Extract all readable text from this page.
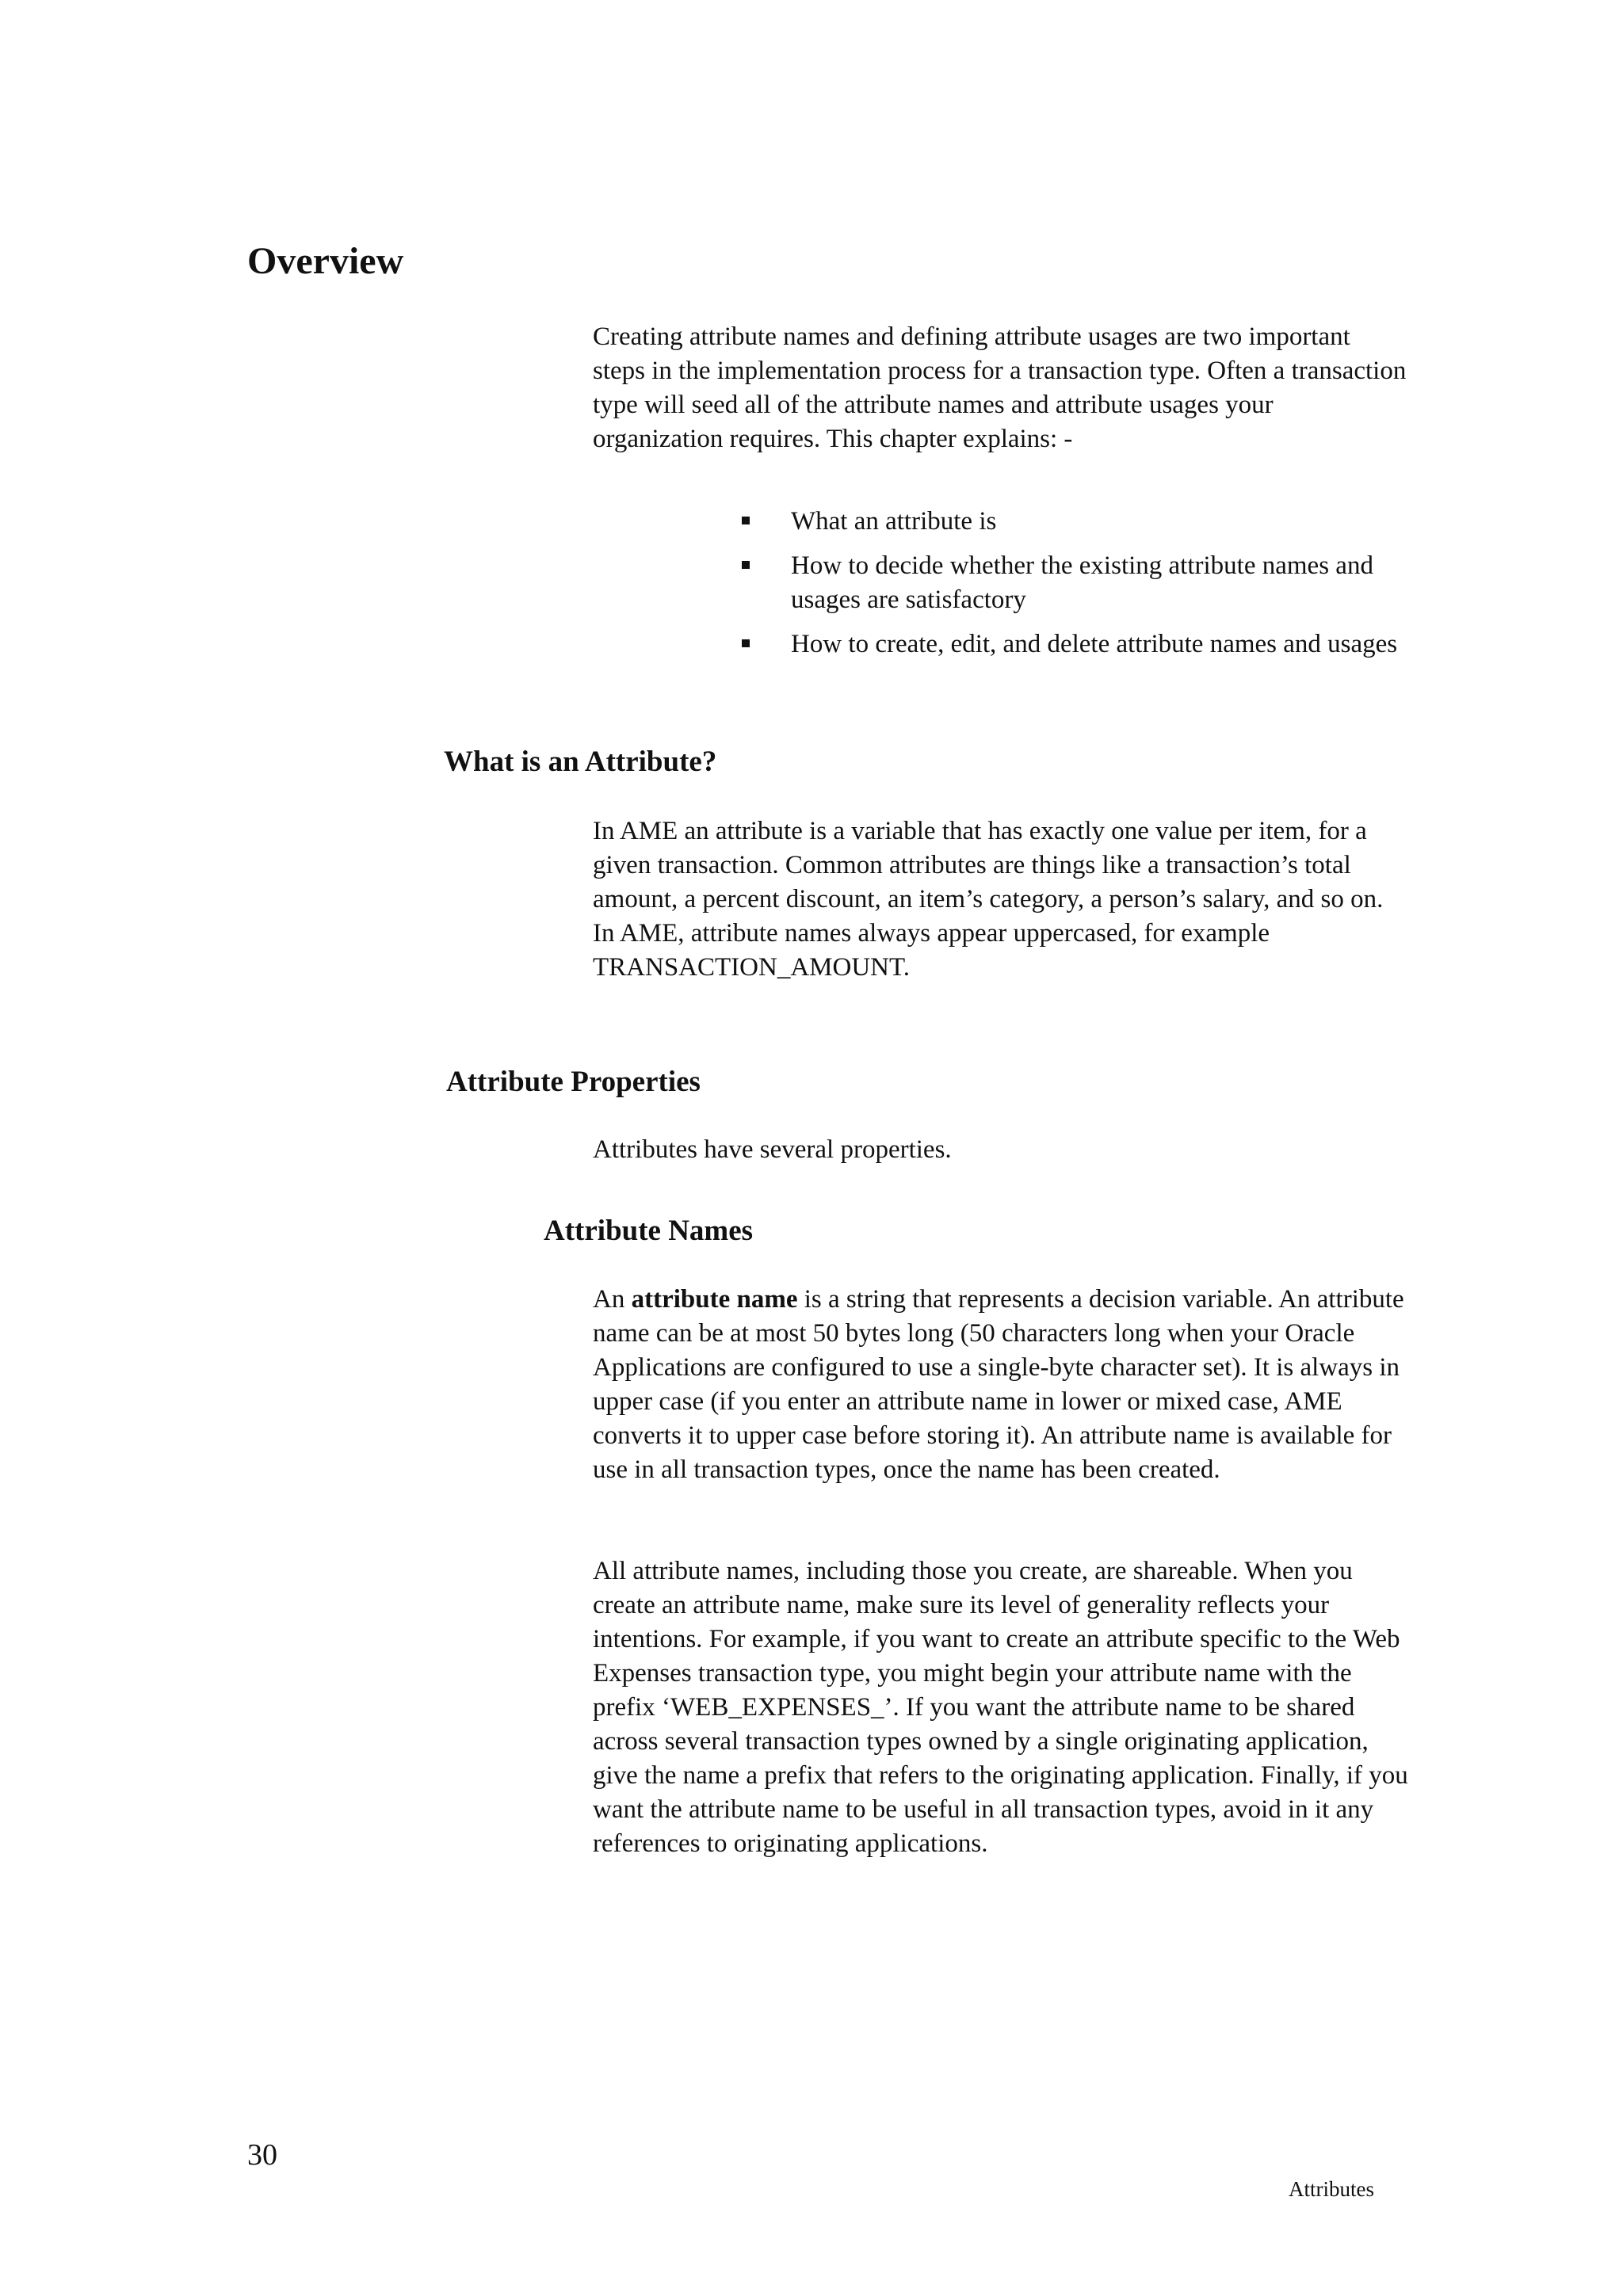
Overview

Creating attribute names and defining attribute usages are two important steps in the implementation process for a transaction type. Often a transaction type will seed all of the attribute names and attribute usages your organization requires. This chapter explains: -

What an attribute is
How to decide whether the existing attribute names and usages are satisfactory
How to create, edit, and delete attribute names and usages
What is an Attribute?

In AME an attribute is a variable that has exactly one value per item, for a given transaction. Common attributes are things like a transaction’s total amount, a percent discount, an item’s category, a person’s salary, and so on. In AME, attribute names always appear uppercased, for example TRANSACTION_AMOUNT.

Attribute Properties

Attributes have several properties.

Attribute Names

An attribute name is a string that represents a decision variable. An attribute name can be at most 50 bytes long (50 characters long when your Oracle Applications are configured to use a single-byte character set). It is always in upper case (if you enter an attribute name in lower or mixed case, AME converts it to upper case before storing it). An attribute name is available for use in all transaction types, once the name has been created.

All attribute names, including those you create, are shareable. When you create an attribute name, make sure its level of generality reflects your intentions. For example, if you want to create an attribute specific to the Web Expenses transaction type, you might begin your attribute name with the prefix ‘WEB_EXPENSES_’. If you want the attribute name to be shared across several transaction types owned by a single originating application, give the name a prefix that refers to the originating application. Finally, if you want the attribute name to be useful in all transaction types, avoid in it any references to originating applications.

30
Attributes
